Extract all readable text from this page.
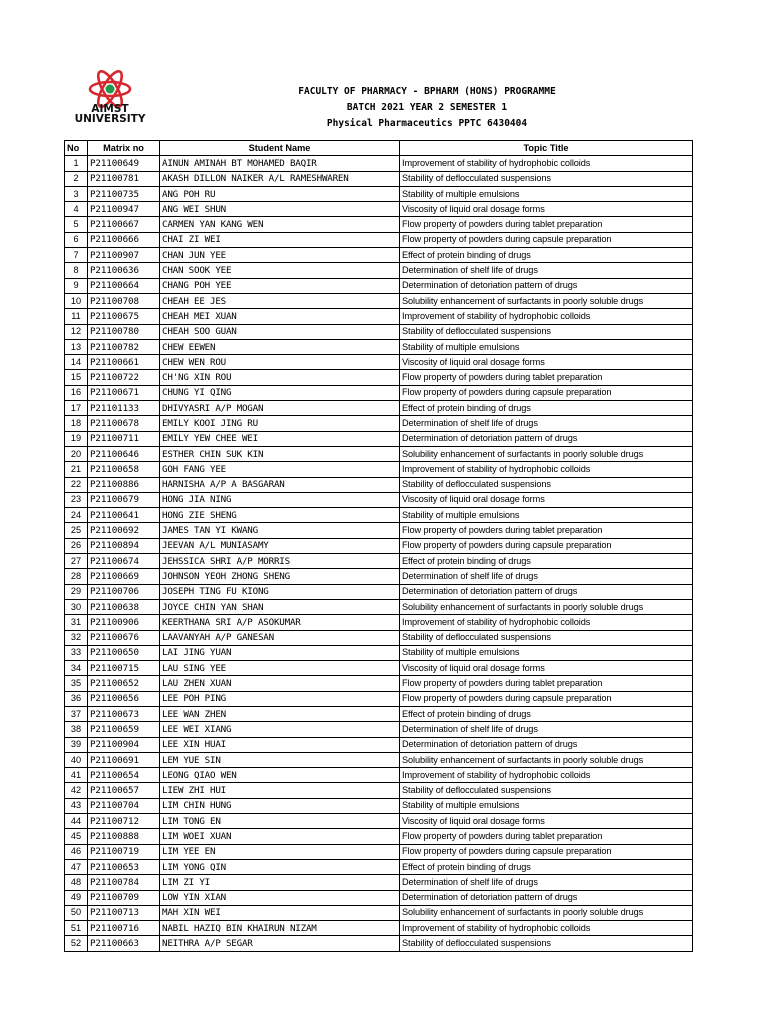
AIMST
UNIVERSITY
FACULTY OF PHARMACY - BPHARM (HONS) PROGRAMME
BATCH 2021 YEAR 2 SEMESTER 1
Physical Pharmaceutics PPTC 6430404
No	Matrix no	Student Name	Topic Title
1	P21100649	AINUN AMINAH BT MOHAMED BAQIR	Improvement of stability of hydrophobic colloids
2	P21100781	AKASH DILLON NAIKER A/L RAMESHWAREN	Stability of deflocculated suspensions
3	P21100735	ANG POH RU	Stability of multiple emulsions
4	P21100947	ANG WEI SHUN	Viscosity of liquid oral dosage forms
5	P21100667	CARMEN YAN KANG WEN	Flow property of powders during tablet preparation
6	P21100666	CHAI ZI WEI	Flow property of powders during capsule preparation
7	P21100907	CHAN JUN YEE	Effect of protein binding of drugs
8	P21100636	CHAN SOOK YEE	Determination of shelf life of drugs
9	P21100664	CHANG POH YEE	Determination of detoriation pattern of drugs
10	P21100708	CHEAH EE JES	Solubility enhancement of surfactants in poorly soluble drugs
11	P21100675	CHEAH MEI XUAN	Improvement of stability of hydrophobic colloids
12	P21100780	CHEAH SOO GUAN	Stability of deflocculated suspensions
13	P21100782	CHEW EEWEN	Stability of multiple emulsions
14	P21100661	CHEW WEN ROU	Viscosity of liquid oral dosage forms
15	P21100722	CH'NG XIN ROU	Flow property of powders during tablet preparation
16	P21100671	CHUNG YI QING	Flow property of powders during capsule preparation
17	P21101133	DHIVYASRI A/P MOGAN	Effect of protein binding of drugs
18	P21100678	EMILY KOOI JING RU	Determination of shelf life of drugs
19	P21100711	EMILY YEW CHEE WEI	Determination of detoriation pattern of drugs
20	P21100646	ESTHER CHIN SUK KIN	Solubility enhancement of surfactants in poorly soluble drugs
21	P21100658	GOH FANG YEE	Improvement of stability of hydrophobic colloids
22	P21100886	HARNISHA A/P A BASGARAN	Stability of deflocculated suspensions
23	P21100679	HONG JIA NING	Viscosity of liquid oral dosage forms
24	P21100641	HONG ZIE SHENG	Stability of multiple emulsions
25	P21100692	JAMES TAN YI KWANG	Flow property of powders during tablet preparation
26	P21100894	JEEVAN A/L MUNIASAMY	Flow property of powders during capsule preparation
27	P21100674	JEHSSICA SHRI A/P MORRIS	Effect of protein binding of drugs
28	P21100669	JOHNSON YEOH ZHONG SHENG	Determination of shelf life of drugs
29	P21100706	JOSEPH TING FU KIONG	Determination of detoriation pattern of drugs
30	P21100638	JOYCE CHIN YAN SHAN	Solubility enhancement of surfactants in poorly soluble drugs
31	P21100906	KEERTHANA SRI A/P ASOKUMAR	Improvement of stability of hydrophobic colloids
32	P21100676	LAAVANYAH A/P GANESAN	Stability of deflocculated suspensions
33	P21100650	LAI JING YUAN	Stability of multiple emulsions
34	P21100715	LAU SING YEE	Viscosity of liquid oral dosage forms
35	P21100652	LAU ZHEN XUAN	Flow property of powders during tablet preparation
36	P21100656	LEE POH PING	Flow property of powders during capsule preparation
37	P21100673	LEE WAN ZHEN	Effect of protein binding of drugs
38	P21100659	LEE WEI XIANG	Determination of shelf life of drugs
39	P21100904	LEE XIN HUAI	Determination of detoriation pattern of drugs
40	P21100691	LEM YUE SIN	Solubility enhancement of surfactants in poorly soluble drugs
41	P21100654	LEONG QIAO WEN	Improvement of stability of hydrophobic colloids
42	P21100657	LIEW ZHI HUI	Stability of deflocculated suspensions
43	P21100704	LIM CHIN HUNG	Stability of multiple emulsions
44	P21100712	LIM TONG EN	Viscosity of liquid oral dosage forms
45	P21100888	LIM WOEI XUAN	Flow property of powders during tablet preparation
46	P21100719	LIM YEE EN	Flow property of powders during capsule preparation
47	P21100653	LIM YONG QIN	Effect of protein binding of drugs
48	P21100784	LIM ZI YI	Determination of shelf life of drugs
49	P21100709	LOW YIN XIAN	Determination of detoriation pattern of drugs
50	P21100713	MAH XIN WEI	Solubility enhancement of surfactants in poorly soluble drugs
51	P21100716	NABIL HAZIQ BIN KHAIRUN NIZAM	Improvement of stability of hydrophobic colloids
52	P21100663	NEITHRA A/P SEGAR	Stability of deflocculated suspensions
